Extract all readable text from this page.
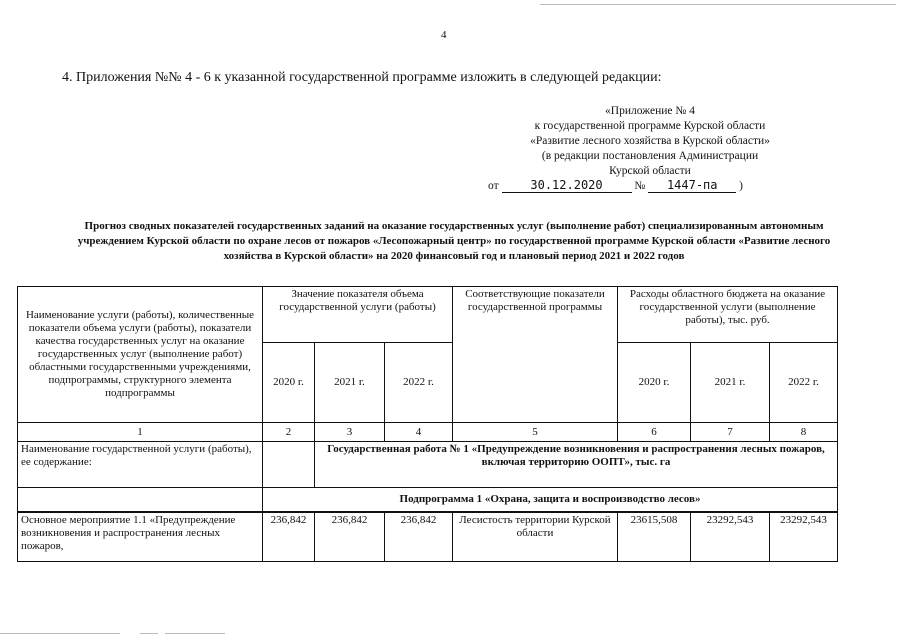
4
4. Приложения №№ 4 - 6 к указанной государственной программе изложить в следующей редакции:
«Приложение № 4
к государственной программе Курской области
«Развитие лесного хозяйства в Курской области»
(в редакции постановления Администрации
Курской области
от	30.12.2020	№ 1447-па )
Прогноз сводных показателей государственных заданий на оказание государственных услуг (выполнение работ) специализированным автономным учреждением Курской области по охране лесов от пожаров «Лесопожарный центр» по государственной программе Курской области «Развитие лесного хозяйства в Курской области» на 2020 финансовый год и плановый период 2021 и 2022 годов
Наименование услуги (работы), количественные показатели объема услуги (работы), показатели качества государственных услуг на оказание государственных услуг (выполнение работ) областными государственными учреждениями, подпрограммы, структурного элемента подпрограммы	Значение показателя объема государственной услуги (работы)			Соответствующие показатели государственной программы	Расходы областного бюджета на оказание государственной услуги (выполнение работы), тыс. руб.		
	2020 г.	2021 г.	2022 г.		2020 г.	2021 г.	2022 г.
1	2	3	4	5	6	7	8
Наименование государственной услуги (работы), ее содержание:		Государственная работа № 1 «Предупреждение возникновения и распространения лесных пожаров, включая территорию ООПТ», тыс. га					
	Подпрограмма 1 «Охрана, защита и воспроизводство лесов»						
Основное мероприятие 1.1 «Предупреждение возникновения и распространения лесных пожаров,	236,842	236,842	236,842	Лесистость территории Курской области	23615,508	23292,543	23292,543
